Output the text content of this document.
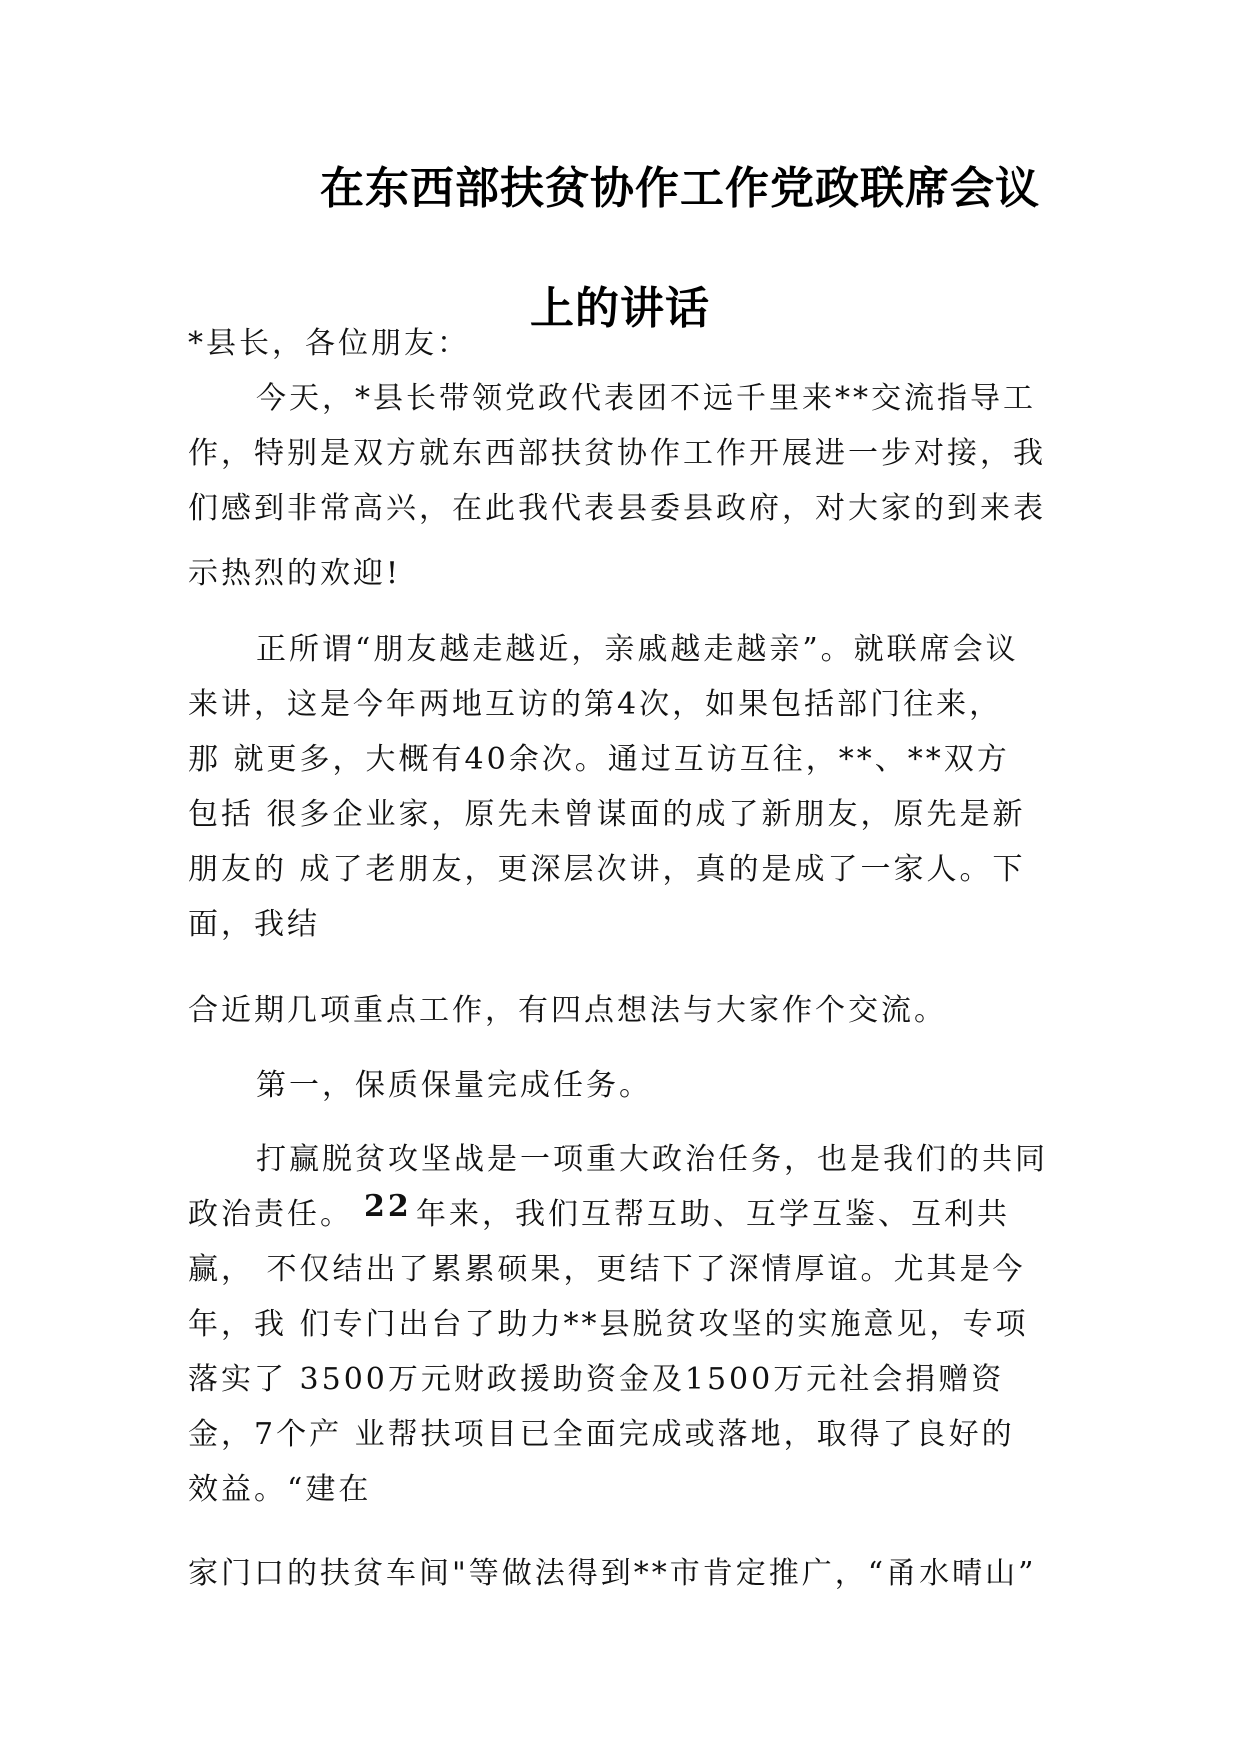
在东西部扶贫协作工作党政联席会议
上的讲话

*县长，各位朋友：

今天，*县长带领党政代表团不远千里来**交流指导工

作，特别是双方就东西部扶贫协作工作开展进一步对接，我

们感到非常高兴，在此我代表县委县政府，对大家的到来表

示热烈的欢迎!

正所谓“朋友越走越近，亲戚越走越亲”。就联席会议

来讲，这是今年两地互访的第4次，如果包括部门往来，

那 就更多，大概有40余次。通过互访互往，**、**双方

包括 很多企业家，原先未曾谋面的成了新朋友，原先是新

朋友的 成了老朋友，更深层次讲，真的是成了一家人。下

面，我结

合近期几项重点工作，有四点想法与大家作个交流。

第一，保质保量完成任务。

打赢脱贫攻坚战是一项重大政治任务，也是我们的共同

政治责任。 22 年来，我们互帮互助、互学互鉴、互利共

赢， 不仅结出了累累硕果，更结下了深情厚谊。尤其是今

年，我 们专门出台了助力**县脱贫攻坚的实施意见，专项

落实了 3500万元财政援助资金及1500万元社会捐赠资

金，7个产 业帮扶项目已全面完成或落地，取得了良好的

效益。“建在

家门口的扶贫车间"等做法得到**市肯定推广，“甬水晴山”
